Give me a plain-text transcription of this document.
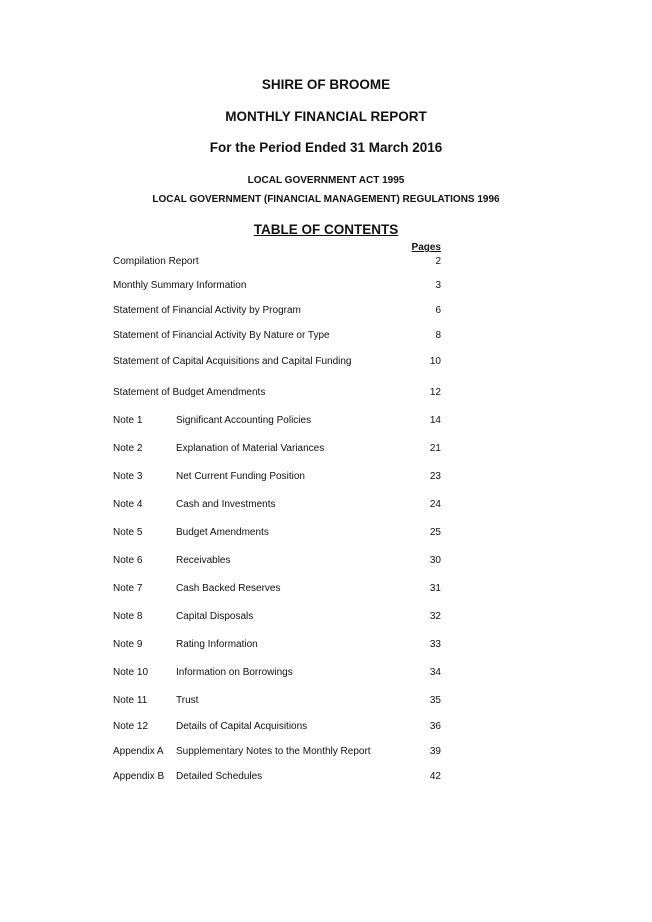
SHIRE OF BROOME
MONTHLY FINANCIAL REPORT
For the Period Ended 31 March 2016
LOCAL GOVERNMENT ACT 1995
LOCAL GOVERNMENT (FINANCIAL MANAGEMENT) REGULATIONS 1996
TABLE OF CONTENTS
Pages
Compilation Report	2
Monthly Summary Information	3
Statement of Financial Activity by Program	6
Statement of Financial Activity By Nature or Type	8
Statement of Capital Acquisitions and Capital Funding	10
Statement of Budget Amendments	12
Note 1	Significant Accounting Policies	14
Note 2	Explanation of Material Variances	21
Note 3	Net Current Funding Position	23
Note 4	Cash and Investments	24
Note 5	Budget Amendments	25
Note 6	Receivables	30
Note 7	Cash Backed Reserves	31
Note 8	Capital Disposals	32
Note 9	Rating Information	33
Note 10	Information on Borrowings	34
Note 11	Trust	35
Note 12	Details of Capital Acquisitions	36
Appendix A Supplementary Notes to the Monthly Report	39
Appendix B Detailed Schedules	42
